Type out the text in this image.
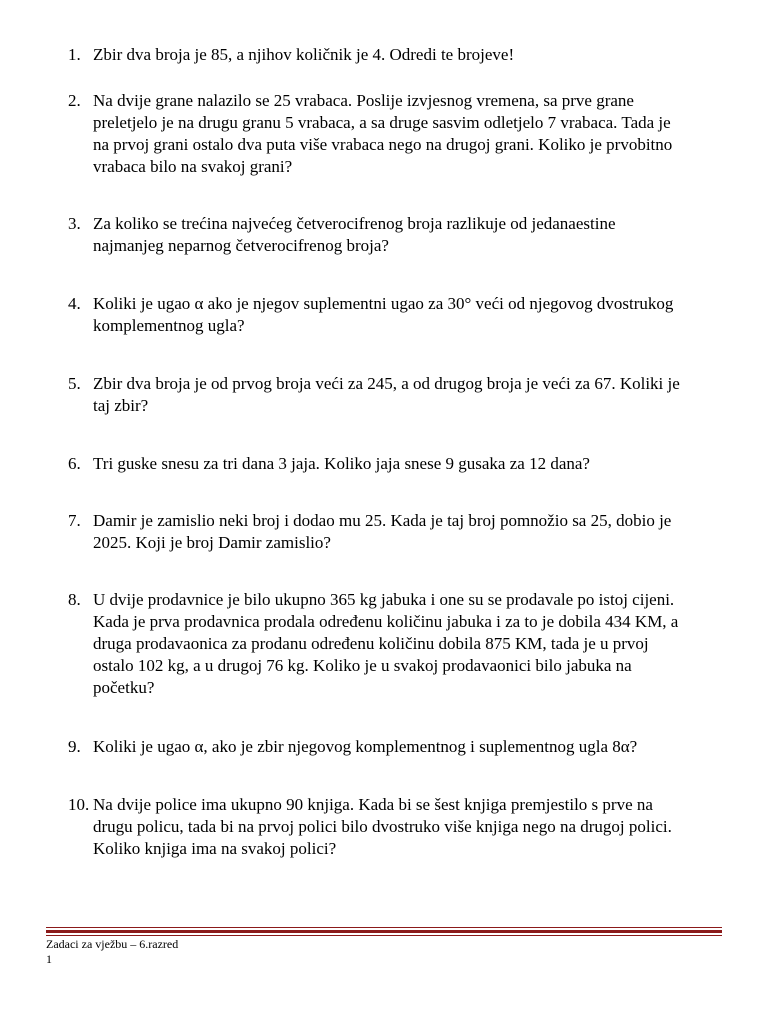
1. Zbir dva broja je 85, a njihov količnik je 4. Odredi te brojeve!
2. Na dvije grane nalazilo se 25 vrabaca. Poslije izvjesnog vremena, sa prve grane
preletjelo je na drugu granu 5 vrabaca, a sa druge sasvim odletjelo 7 vrabaca. Tada je
na prvoj grani ostalo dva puta više vrabaca nego na drugoj grani. Koliko je prvobitno
vrabaca bilo na svakoj grani?
3. Za koliko se trećina najvećeg četverocifrenog broja razlikuje od jedanaestine
najmanjeg neparnog četverocifrenog broja?
4. Koliki je ugao α ako je njegov suplementni ugao za 30° veći od njegovog dvostrukog
komplementnog ugla?
5. Zbir dva broja je od prvog broja veći za 245, a od drugog broja je veći za 67. Koliki je
taj zbir?
6. Tri guske snesu za tri dana 3 jaja. Koliko jaja snese 9 gusaka za 12 dana?
7. Damir je zamislio neki broj i dodao mu 25. Kada je taj broj pomnožio sa 25, dobio je
2025. Koji je broj Damir zamislio?
8. U dvije prodavnice je bilo ukupno 365 kg jabuka i one su se prodavale po istoj cijeni.
Kada je prva prodavnica prodala određenu količinu jabuka i za to je dobila 434 KM, a
druga prodavaonica za prodanu određenu količinu dobila 875 KM, tada je u prvoj
ostalo 102 kg, a u drugoj 76 kg. Koliko je u svakoj prodavaonici bilo jabuka na
početku?
9. Koliki je ugao α, ako je zbir njegovog komplementnog i suplementnog ugla 8α?
10. Na dvije police ima ukupno 90 knjiga. Kada bi se šest knjiga premjestilo s prve na
drugu policu, tada bi na prvoj polici bilo dvostruko više knjiga nego na drugoj polici.
Koliko knjiga ima na svakoj polici?
Zadaci za vježbu – 6.razred
1
